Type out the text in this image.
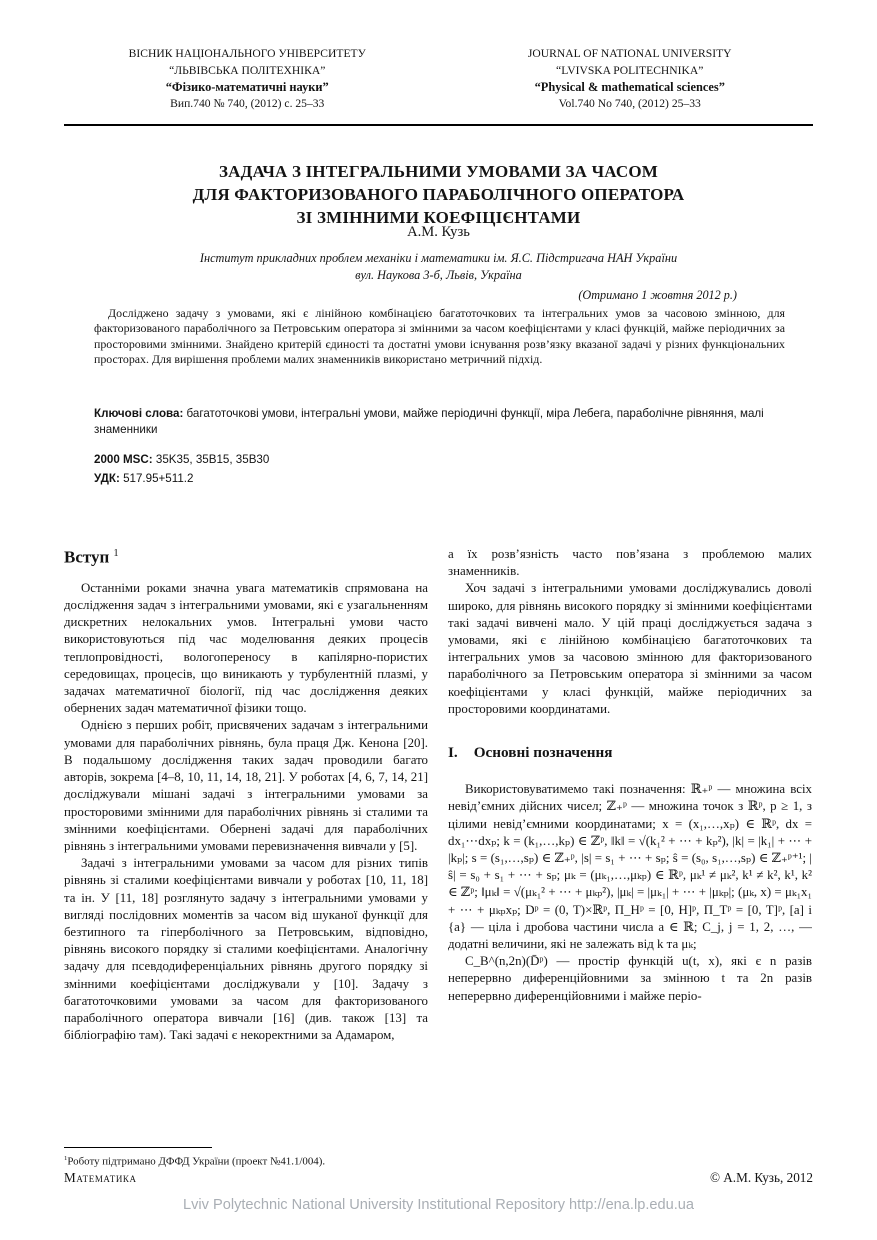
ВІСНИК НАЦІОНАЛЬНОГО УНІВЕРСИТЕТУ
“ЛЬВІВСЬКА ПОЛІТЕХНІКА”
“Фізико-математичні науки”
Вип.740 № 740, (2012) с. 25–33
JOURNAL OF NATIONAL UNIVERSITY
“LVIVSKA POLITECHNIKA”
“Physical & mathematical sciences”
Vol.740 No 740, (2012) 25–33
ЗАДАЧА З ІНТЕГРАЛЬНИМИ УМОВАМИ ЗА ЧАСОМ
ДЛЯ ФАКТОРИЗОВАНОГО ПАРАБОЛІЧНОГО ОПЕРАТОРА
ЗІ ЗМІННИМИ КОЕФІЦІЄНТАМИ
А.М. Кузь
Інститут прикладних проблем механіки і математики ім. Я.С. Підстригача НАН України
вул. Наукова 3-б, Львів, Україна
(Отримано 1 жовтня 2012 р.)

Досліджено задачу з умовами, які є лінійною комбінацією багатоточкових та інтегральних умов за часовою змінною, для факторизованого параболічного за Петровським оператора зі змінними за часом коефіцієнтами у класі функцій, майже періодичних за просторовими змінними. Знайдено критерій єдиності та достатні умови існування розв’язку вказаної задачі у різних функціональних просторах. Для вирішення проблеми малих знаменників використано метричний підхід.

Ключові слова: багатоточкові умови, інтегральні умови, майже періодичні функції, міра Лебега, параболічне рівняння, малі знаменники

2000 MSC: 35K35, 35B15, 35B30

УДК: 517.95+511.2

Вступ $^1$

Останніми роками значна увага математиків спрямована на дослідження задач з інтегральними умовами, які є узагальненням дискретних нелокальних умов. Інтегральні умови часто використовуються під час моделювання деяких процесів теплопровідності, вологопереносу в капілярно-пористих середовищах, процесів, що виникають у турбулентній плазмі, у задачах математичної біології, під час дослідження деяких обернених задач математичної фізики тощо.

Однією з перших робіт, присвячених задачам з інтегральними умовами для параболічних рівнянь, була праця Дж. Кенона [20]. В подальшому дослідження таких задач проводили багато авторів, зокрема [4–8, 10, 11, 14, 18, 21]. У роботах [4, 6, 7, 14, 21] досліджували мішані задачі з інтегральними умовами за просторовими змінними для параболічних рівнянь зі сталими та змінними коефіцієнтами. Обернені задачі для параболічних рівнянь з інтегральними умовами перевизначення вивчали у [5].

Задачі з інтегральними умовами за часом для різних типів рівнянь зі сталими коефіцієнтами вивчали у роботах [10, 11, 18] та ін. У [11, 18] розглянуто задачу з інтегральними умовами у вигляді послідовних моментів за часом від шуканої функції для безтипного та гіперболічного за Петровським, відповідно, рівнянь високого порядку зі сталими коефіцієнтами. Аналогічну задачу для псевдодиференціальних рівнянь другого порядку зі змінними коефіцієнтами досліджували у [10]. Задачу з багатоточковими умовами за часом для факторизованого параболічного оператора вивчали [16] (див. також [13] та бібліографію там). Такі задачі є некоректними за Адамаром,

а їх розв’язність часто пов’язана з проблемою малих знаменників.

Хоч задачі з інтегральними умовами досліджувались доволі широко, для рівнянь високого порядку зі змінними коефіцієнтами такі задачі вивчені мало. У цій праці досліджується задача з умовами, які є лінійною комбінацією багатоточкових та інтегральних умов за часовою змінною для факторизованого параболічного за Петровським оператора зі змінними за часом коефіцієнтами у класі функцій, майже періодичних за просторовими координатами.

I. Основні позначення

Використовуватимемо такі позначення: ℝ₊ᵖ — множина всіх невід’ємних дійсних чисел; ℤ₊ᵖ — множина точок з ℝᵖ, p ≥ 1, з цілими невід’ємними координатами; x = (x₁,…,xₚ) ∈ ℝᵖ, dx = dx₁⋯dxₚ; k = (k₁,…,kₚ) ∈ ℤᵖ, ‖k‖ = √(k₁² + ⋯ + kₚ²), |k| = |k₁| + ⋯ + |kₚ|; s = (s₁,…,sₚ) ∈ ℤ₊ᵖ, |s| = s₁ + ⋯ + sₚ; ŝ = (s₀, s₁,…,sₚ) ∈ ℤ₊ᵖ⁺¹; |ŝ| = s₀ + s₁ + ⋯ + sₚ; μₖ = (μₖ₁,…,μₖₚ) ∈ ℝᵖ, μₖ¹ ≠ μₖ², k¹ ≠ k², k¹, k² ∈ ℤᵖ; ‖μₖ‖ = √(μₖ₁² + ⋯ + μₖₚ²), |μₖ| = |μₖ₁| + ⋯ + |μₖₚ|; (μₖ, x) = μₖ₁x₁ + ⋯ + μₖₚxₚ; Dᵖ = (0, T)×ℝᵖ, Π_Hᵖ = [0, H]ᵖ, Π_Tᵖ = [0, T]ᵖ, [a] і {a} — ціла і дробова частини числа a ∈ ℝ; C_j, j = 1, 2, …, — додатні величини, які не залежать від k та μₖ;

C_B^(n,2n)(D̄ᵖ) — простір функцій u(t, x), які є n разів неперервно диференційовними за змінною t та 2n разів неперервно диференційовними і майже періо-

$^1$Роботу підтримано ДФФД України (проект №41.1/004).
Математика	© А.М. Кузь, 2012
Lviv Polytechnic National University Institutional Repository http://ena.lp.edu.ua
